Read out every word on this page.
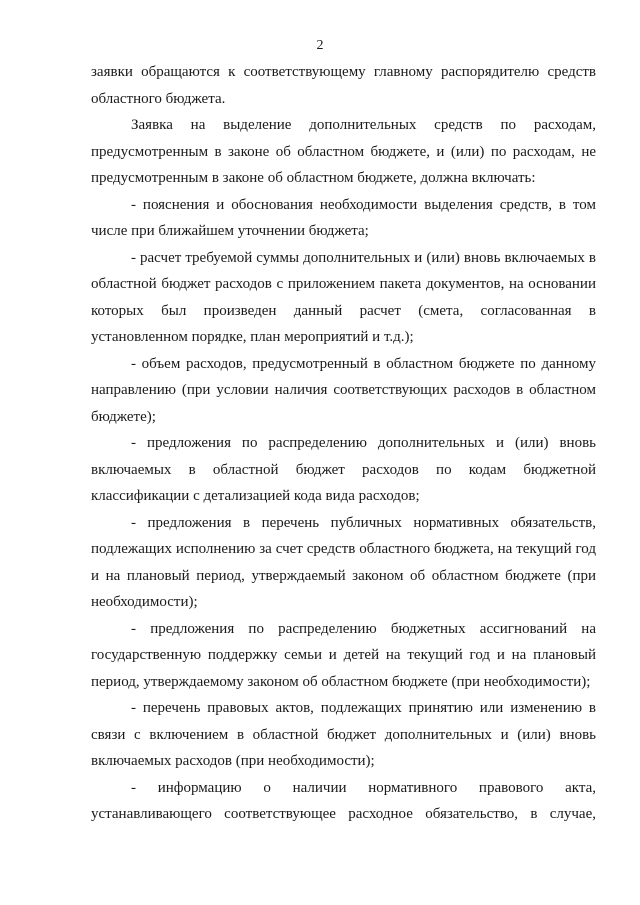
2

заявки обращаются к соответствующему главному распорядителю средств областного бюджета.

Заявка на выделение дополнительных средств по расходам, предусмотренным в законе об областном бюджете, и (или) по расходам, не предусмотренным в законе об областном бюджете, должна включать:

- пояснения и обоснования необходимости выделения средств, в том числе при ближайшем уточнении бюджета;

- расчет требуемой суммы дополнительных и (или) вновь включаемых в областной бюджет расходов с приложением пакета документов, на основании которых был произведен данный расчет (смета, согласованная в установленном порядке, план мероприятий и т.д.);

- объем расходов, предусмотренный в областном бюджете по данному направлению (при условии наличия соответствующих расходов в областном бюджете);

- предложения по распределению дополнительных и (или) вновь включаемых в областной бюджет расходов по кодам бюджетной классификации с детализацией кода вида расходов;

- предложения в перечень публичных нормативных обязательств, подлежащих исполнению за счет средств областного бюджета, на текущий год и на плановый период, утверждаемый законом об областном бюджете (при необходимости);

- предложения по распределению бюджетных ассигнований на государственную поддержку семьи и детей на текущий год и на плановый период, утверждаемому законом об областном бюджете (при необходимости);

- перечень правовых актов, подлежащих принятию или изменению в связи с включением в областной бюджет дополнительных и (или) вновь включаемых расходов (при необходимости);

- информацию о наличии нормативного правового акта, устанавливающего соответствующее расходное обязательство, в случае,
